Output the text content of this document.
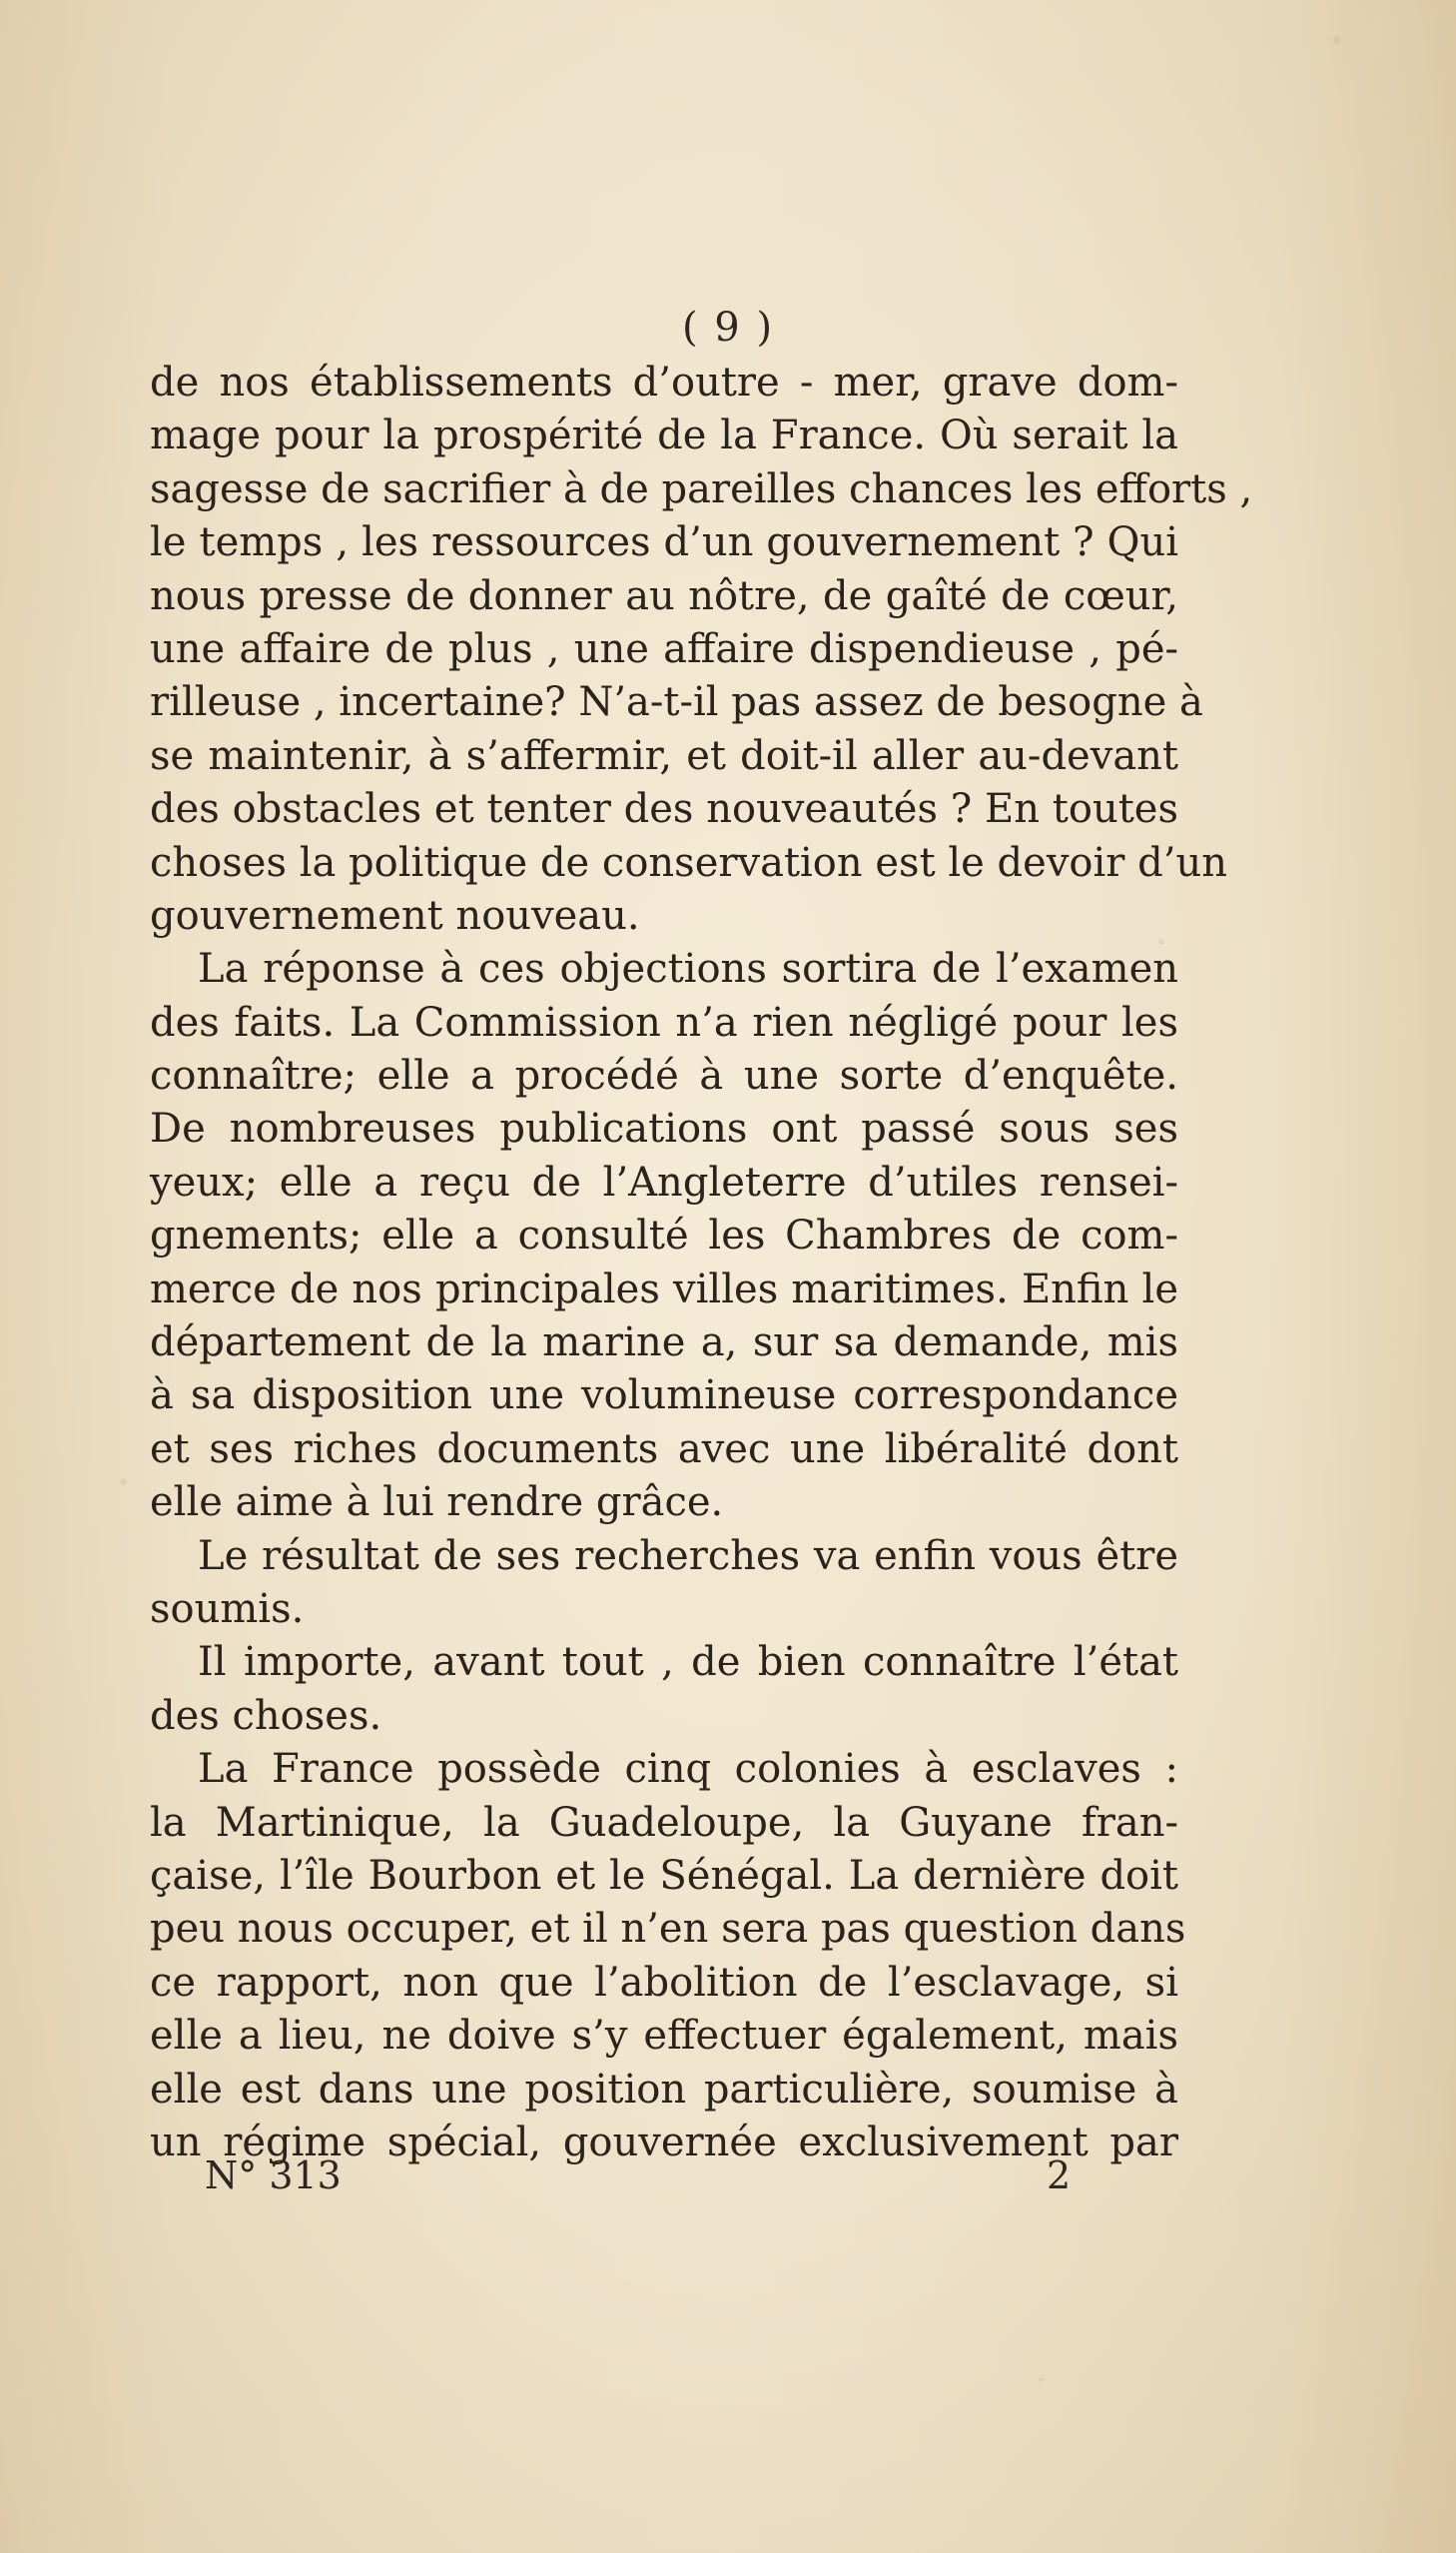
( 9 )
de nos établissements d’outre - mer, grave dom-
mage pour la prospérité de la France. Où serait la
sagesse de sacrifier à de pareilles chances les efforts ,
le temps , les ressources d’un gouvernement ? Qui
nous presse de donner au nôtre, de gaîté de cœur,
une affaire de plus , une affaire dispendieuse , pé-
rilleuse , incertaine? N’a-t-il pas assez de besogne à
se maintenir, à s’affermir, et doit-il aller au-devant
des obstacles et tenter des nouveautés ? En toutes
choses la politique de conservation est le devoir d’un
gouvernement nouveau.
La réponse à ces objections sortira de l’examen
des faits. La Commission n’a rien négligé pour les
connaître; elle a procédé à une sorte d’enquête.
De nombreuses publications ont passé sous ses
yeux; elle a reçu de l’Angleterre d’utiles rensei-
gnements; elle a consulté les Chambres de com-
merce de nos principales villes maritimes. Enfin le
département de la marine a, sur sa demande, mis
à sa disposition une volumineuse correspondance
et ses riches documents avec une libéralité dont
elle aime à lui rendre grâce.
Le résultat de ses recherches va enfin vous être
soumis.
Il importe, avant tout , de bien connaître l’état
des choses.
La France possède cinq colonies à esclaves :
la Martinique, la Guadeloupe, la Guyane fran-
çaise, l’île Bourbon et le Sénégal. La dernière doit
peu nous occuper, et il n’en sera pas question dans
ce rapport, non que l’abolition de l’esclavage, si
elle a lieu, ne doive s’y effectuer également, mais
elle est dans une position particulière, soumise à
un régime spécial, gouvernée exclusivement par
N° 313	2
